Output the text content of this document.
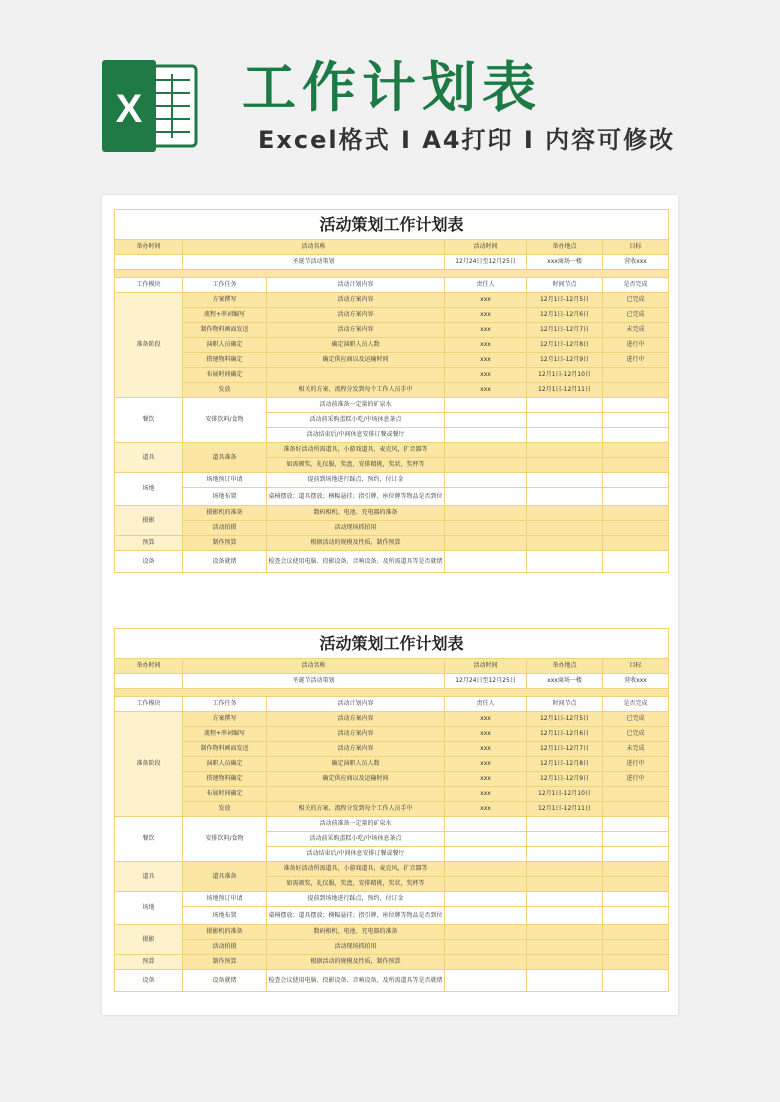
X 工作计划表
Excel格式 I A4打印 I 内容可修改
活动策划工作计划表
举办时间	活动名称	活动时间	举办地点	目标
	圣诞节活动策划	12月24日至12月25日	xxx商场一楼	营收xxx

工作模块	工作任务	活动计划内容	责任人	时间节点	是否完成
准备阶段	方案撰写	活动方案内容	xxx	12月1日-12月5日	已完成
流程+串词编写	活动方案内容	xxx	12月1日-12月6日	已完成
制作物料画面发送	活动方案内容	xxx	12月1日-12月7日	未完成
演职人员确定	确定演职人员人数	xxx	12月1日-12月8日	进行中
搭建物料确定	确定供应商以及运输时间	xxx	12月1日-12月9日	进行中
布展时间确定		xxx	12月1日-12月10日	
发放	相关的方案、流程分发到每个工作人员手中	xxx	12月1日-12月11日	
餐饮	安排饮料/食物	活动前准备一定量的矿泉水			
活动前采购蛋糕小吃/中场休息茶点			
活动结束后/中间休息安排订餐或餐厅			
道具	道具准备	准备好活动所需道具，小游戏道具，麦克风，扩音器等			
如需颁奖，礼仪服，奖盘，安排精挑，奖状，奖杯等			
场地	场地预订申请	提前到场地进行踩点，预约，付订金			
场地布置	桌椅摆放；道具摆放；横幅悬挂；指引牌、座位牌等物品是否到位			
摄影	摄影机的准备	数码相机、电池、充电器的准备			
活动拍摄	活动现场抓拍用			
预算	制作预算	根据活动的规模及性质，制作预算			
设备	设备就绪	检查会议使用电脑、投影设备、音响设备、及所需道具等是否就绪			
活动策划工作计划表
举办时间	活动名称	活动时间	举办地点	目标
	圣诞节活动策划	12月24日至12月25日	xxx商场一楼	营收xxx

工作模块	工作任务	活动计划内容	责任人	时间节点	是否完成
准备阶段	方案撰写	活动方案内容	xxx	12月1日-12月5日	已完成
流程+串词编写	活动方案内容	xxx	12月1日-12月6日	已完成
制作物料画面发送	活动方案内容	xxx	12月1日-12月7日	未完成
演职人员确定	确定演职人员人数	xxx	12月1日-12月8日	进行中
搭建物料确定	确定供应商以及运输时间	xxx	12月1日-12月9日	进行中
布展时间确定		xxx	12月1日-12月10日	
发放	相关的方案、流程分发到每个工作人员手中	xxx	12月1日-12月11日	
餐饮	安排饮料/食物	活动前准备一定量的矿泉水			
活动前采购蛋糕小吃/中场休息茶点			
活动结束后/中间休息安排订餐或餐厅			
道具	道具准备	准备好活动所需道具，小游戏道具，麦克风，扩音器等			
如需颁奖，礼仪服，奖盘，安排精挑，奖状，奖杯等			
场地	场地预订申请	提前到场地进行踩点，预约，付订金			
场地布置	桌椅摆放；道具摆放；横幅悬挂；指引牌、座位牌等物品是否到位			
摄影	摄影机的准备	数码相机、电池、充电器的准备			
活动拍摄	活动现场抓拍用			
预算	制作预算	根据活动的规模及性质，制作预算			
设备	设备就绪	检查会议使用电脑、投影设备、音响设备、及所需道具等是否就绪			
